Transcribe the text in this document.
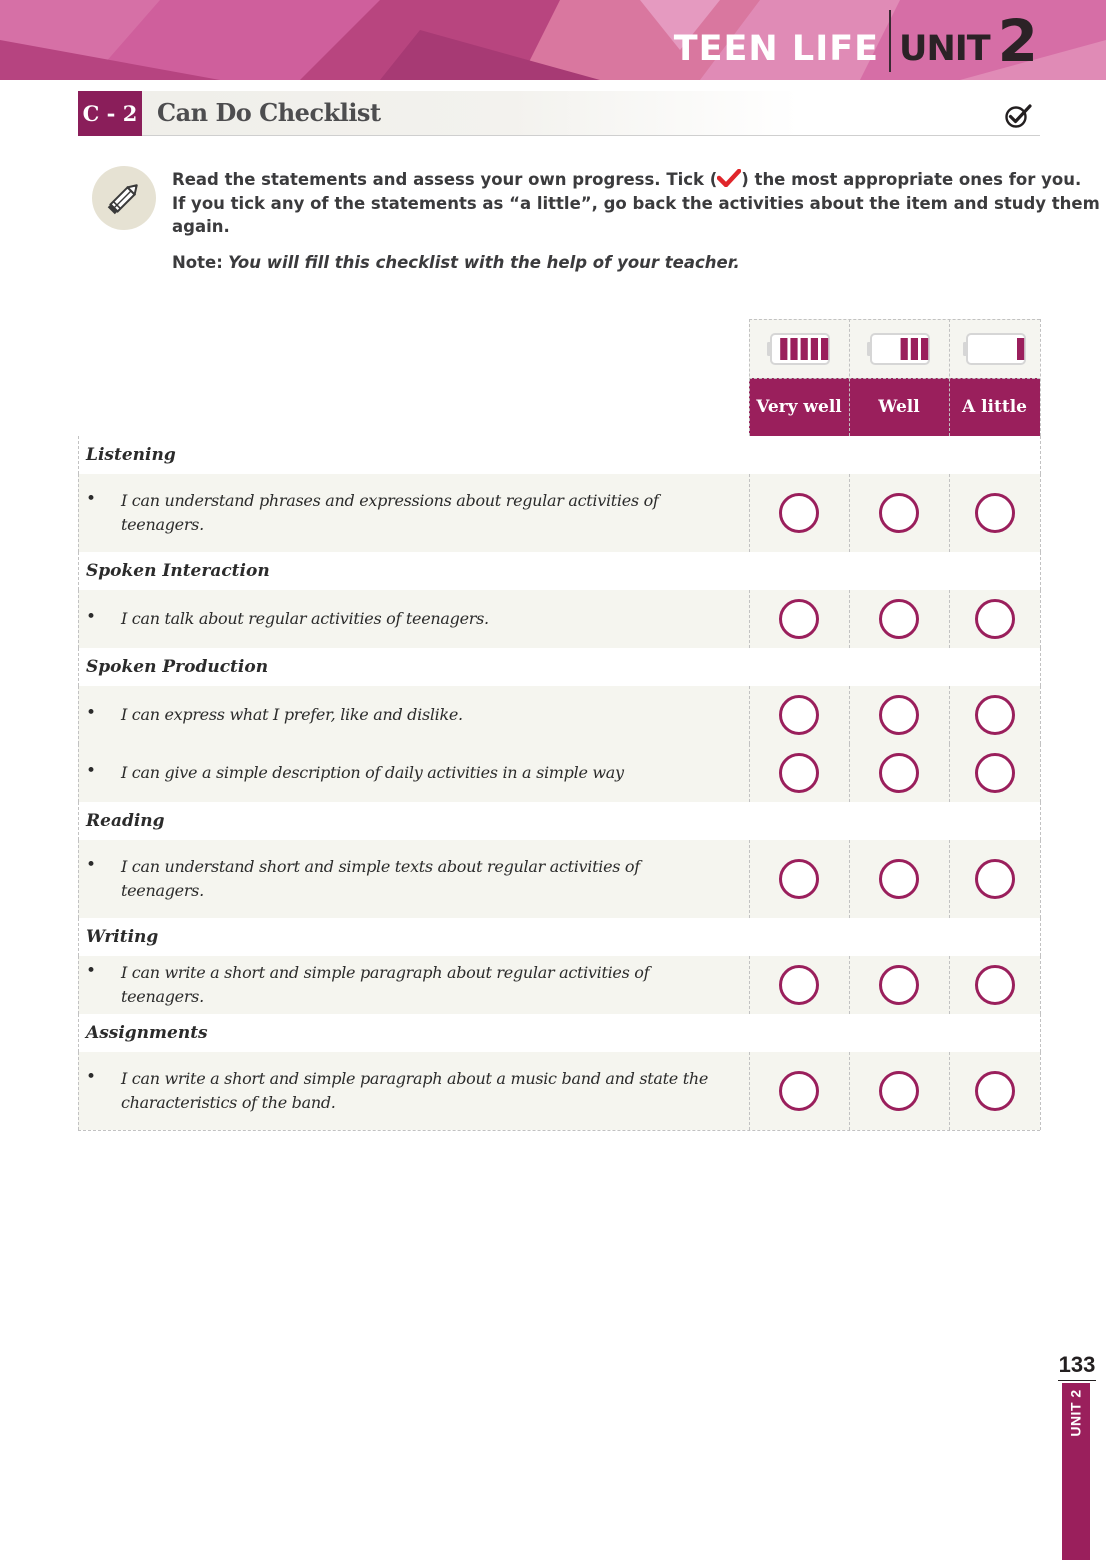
TEEN LIFE UNIT 2
C - 2 Can Do Checklist
Read the statements and assess your own progress. Tick ( ) the most appropriate ones for you.
If you tick any of the statements as “a little”, go back the activities about the item and study them
again.
Note: You will fill this checklist with the help of your teacher.
Very well	Well	A little
Listening
• I can understand phrases and expressions about regular activities of
teenagers.
Spoken Interaction
• I can talk about regular activities of teenagers.
Spoken Production
• I can express what I prefer, like and dislike.
• I can give a simple description of daily activities in a simple way
Reading
• I can understand short and simple texts about regular activities of
teenagers.
Writing
• I can write a short and simple paragraph about regular activities of
teenagers.
Assignments
• I can write a short and simple paragraph about a music band and state the
characteristics of the band.
133
UNIT 2
